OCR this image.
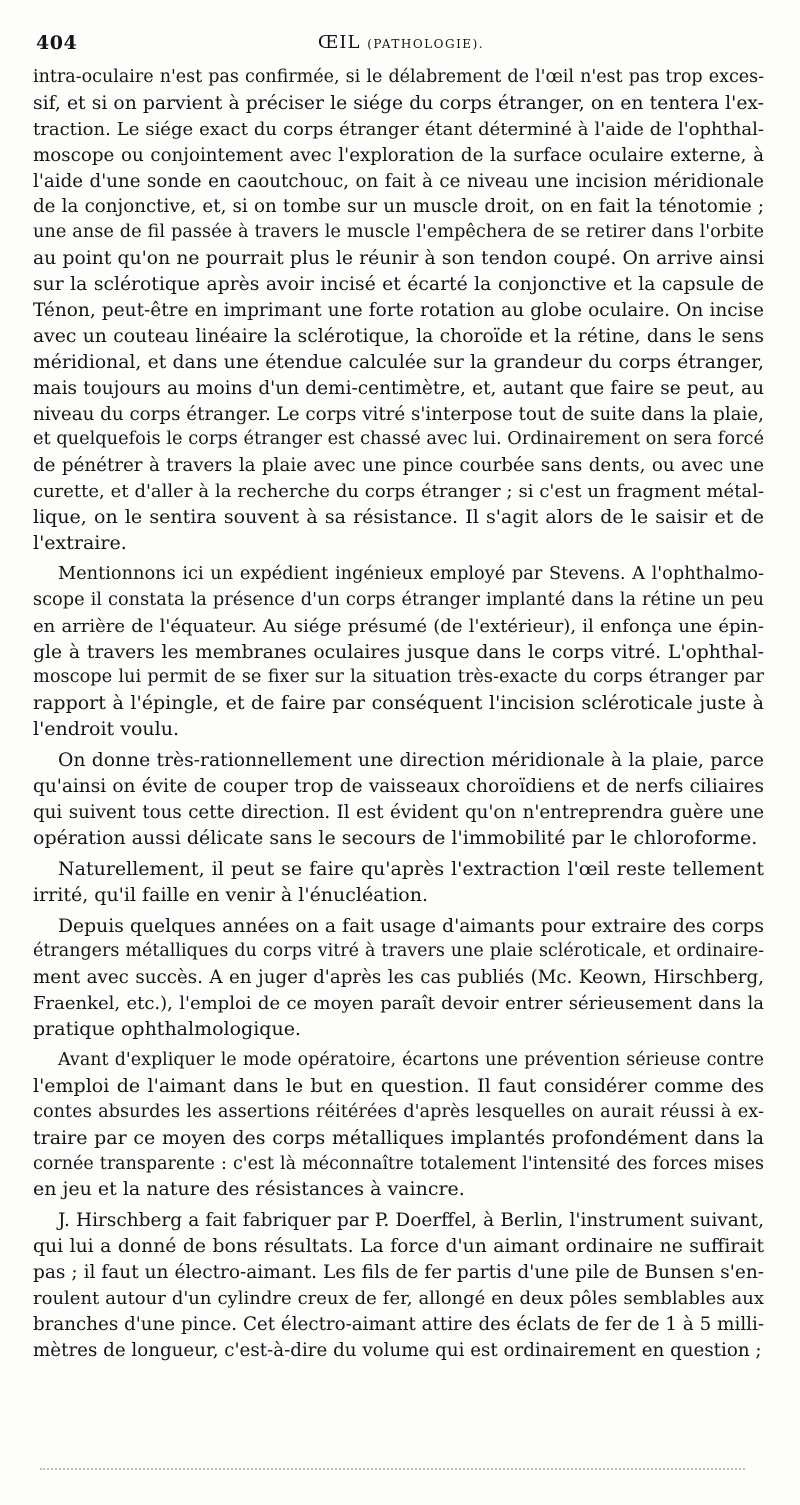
404	ŒIL (PATHOLOGIE).
intra-oculaire n'est pas confirmée, si le délabrement de l'œil n'est pas trop exces-
sif, et si on parvient à préciser le siége du corps étranger, on en tentera l'ex-
traction. Le siége exact du corps étranger étant déterminé à l'aide de l'ophthal-
moscope ou conjointement avec l'exploration de la surface oculaire externe, à
l'aide d'une sonde en caoutchouc, on fait à ce niveau une incision méridionale
de la conjonctive, et, si on tombe sur un muscle droit, on en fait la ténotomie ;
une anse de fil passée à travers le muscle l'empêchera de se retirer dans l'orbite
au point qu'on ne pourrait plus le réunir à son tendon coupé. On arrive ainsi
sur la sclérotique après avoir incisé et écarté la conjonctive et la capsule de
Ténon, peut-être en imprimant une forte rotation au globe oculaire. On incise
avec un couteau linéaire la sclérotique, la choroïde et la rétine, dans le sens
méridional, et dans une étendue calculée sur la grandeur du corps étranger,
mais toujours au moins d'un demi-centimètre, et, autant que faire se peut, au
niveau du corps étranger. Le corps vitré s'interpose tout de suite dans la plaie,
et quelquefois le corps étranger est chassé avec lui. Ordinairement on sera forcé
de pénétrer à travers la plaie avec une pince courbée sans dents, ou avec une
curette, et d'aller à la recherche du corps étranger ; si c'est un fragment métal-
lique, on le sentira souvent à sa résistance. Il s'agit alors de le saisir et de
l'extraire.
Mentionnons ici un expédient ingénieux employé par Stevens. A l'ophthalmo-
scope il constata la présence d'un corps étranger implanté dans la rétine un peu
en arrière de l'équateur. Au siége présumé (de l'extérieur), il enfonça une épin-
gle à travers les membranes oculaires jusque dans le corps vitré. L'ophthal-
moscope lui permit de se fixer sur la situation très-exacte du corps étranger par
rapport à l'épingle, et de faire par conséquent l'incision scléroticale juste à
l'endroit voulu.
On donne très-rationnellement une direction méridionale à la plaie, parce
qu'ainsi on évite de couper trop de vaisseaux choroïdiens et de nerfs ciliaires
qui suivent tous cette direction. Il est évident qu'on n'entreprendra guère une
opération aussi délicate sans le secours de l'immobilité par le chloroforme.
Naturellement, il peut se faire qu'après l'extraction l'œil reste tellement
irrité, qu'il faille en venir à l'énucléation.
Depuis quelques années on a fait usage d'aimants pour extraire des corps
étrangers métalliques du corps vitré à travers une plaie scléroticale, et ordinaire-
ment avec succès. A en juger d'après les cas publiés (Mc. Keown, Hirschberg,
Fraenkel, etc.), l'emploi de ce moyen paraît devoir entrer sérieusement dans la
pratique ophthalmologique.
Avant d'expliquer le mode opératoire, écartons une prévention sérieuse contre
l'emploi de l'aimant dans le but en question. Il faut considérer comme des
contes absurdes les assertions réitérées d'après lesquelles on aurait réussi à ex-
traire par ce moyen des corps métalliques implantés profondément dans la
cornée transparente : c'est là méconnaître totalement l'intensité des forces mises
en jeu et la nature des résistances à vaincre.
J. Hirschberg a fait fabriquer par P. Doerffel, à Berlin, l'instrument suivant,
qui lui a donné de bons résultats. La force d'un aimant ordinaire ne suffirait
pas ; il faut un électro-aimant. Les fils de fer partis d'une pile de Bunsen s'en-
roulent autour d'un cylindre creux de fer, allongé en deux pôles semblables aux
branches d'une pince. Cet électro-aimant attire des éclats de fer de 1 à 5 milli-
mètres de longueur, c'est-à-dire du volume qui est ordinairement en question ;
